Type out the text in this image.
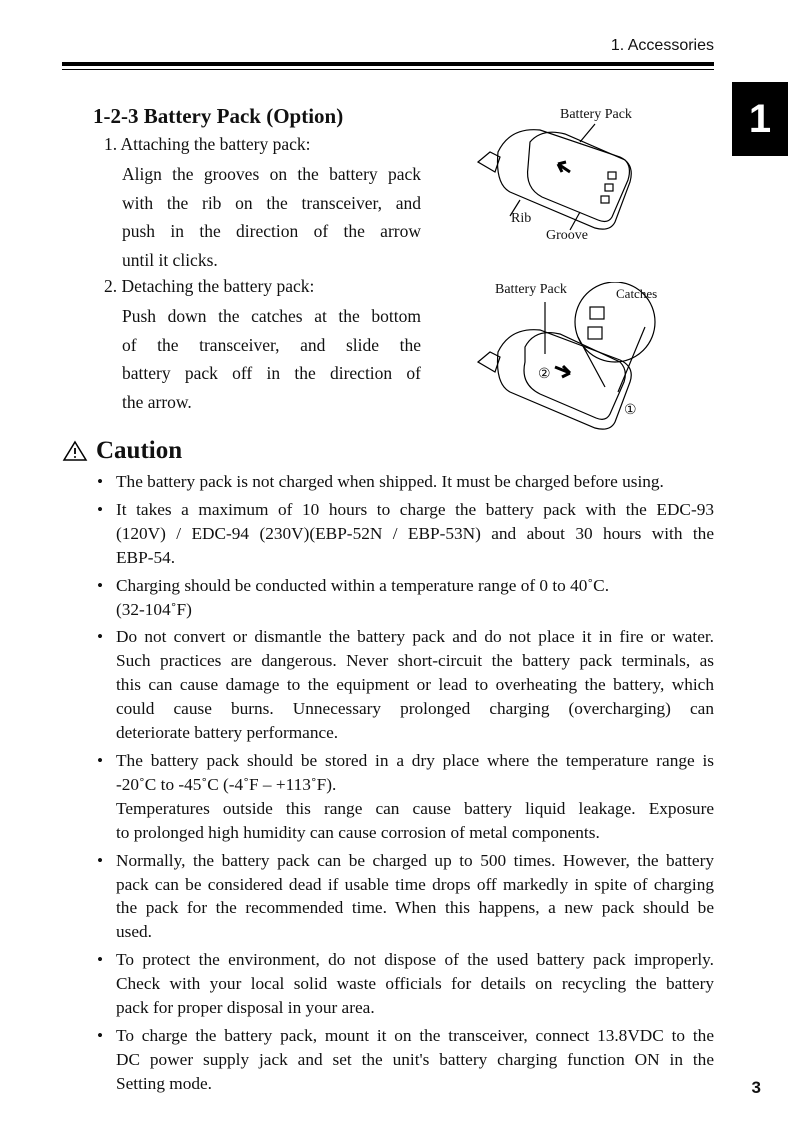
1. Accessories
1
1-2-3 Battery Pack (Option)
1. Attaching the battery pack:
Align the grooves on the battery pack
with the rib on the transceiver, and
push in the direction of the arrow
until it clicks.
2. Detaching the battery pack:
Push down the catches at the bottom
of the transceiver, and slide the
battery pack off in the direction of
the arrow.
Battery Pack
Rib
Groove
Battery Pack	Catches
②
①
Caution
• The battery pack is not charged when shipped. It must be charged before using.
• It takes a maximum of 10 hours to charge the battery pack with the EDC-93
(120V) / EDC-94 (230V)(EBP-52N / EBP-53N) and about 30 hours with the
EBP-54.
• Charging should be conducted within a temperature range of 0 to 40˚C.
(32-104˚F)
• Do not convert or dismantle the battery pack and do not place it in fire or water.
Such practices are dangerous. Never short-circuit the battery pack terminals, as
this can cause damage to the equipment or lead to overheating the battery, which
could cause burns. Unnecessary prolonged charging (overcharging) can
deteriorate battery performance.
• The battery pack should be stored in a dry place where the temperature range is
-20˚C to -45˚C (-4˚F – +113˚F).
Temperatures outside this range can cause battery liquid leakage. Exposure
to prolonged high humidity can cause corrosion of metal components.
• Normally, the battery pack can be charged up to 500 times. However, the battery
pack can be considered dead if usable time drops off markedly in spite of charging
the pack for the recommended time. When this happens, a new pack should be
used.
• To protect the environment, do not dispose of the used battery pack improperly.
Check with your local solid waste officials for details on recycling the battery
pack for proper disposal in your area.
• To charge the battery pack, mount it on the transceiver, connect 13.8VDC to the
DC power supply jack and set the unit's battery charging function ON in the
Setting mode.	3
